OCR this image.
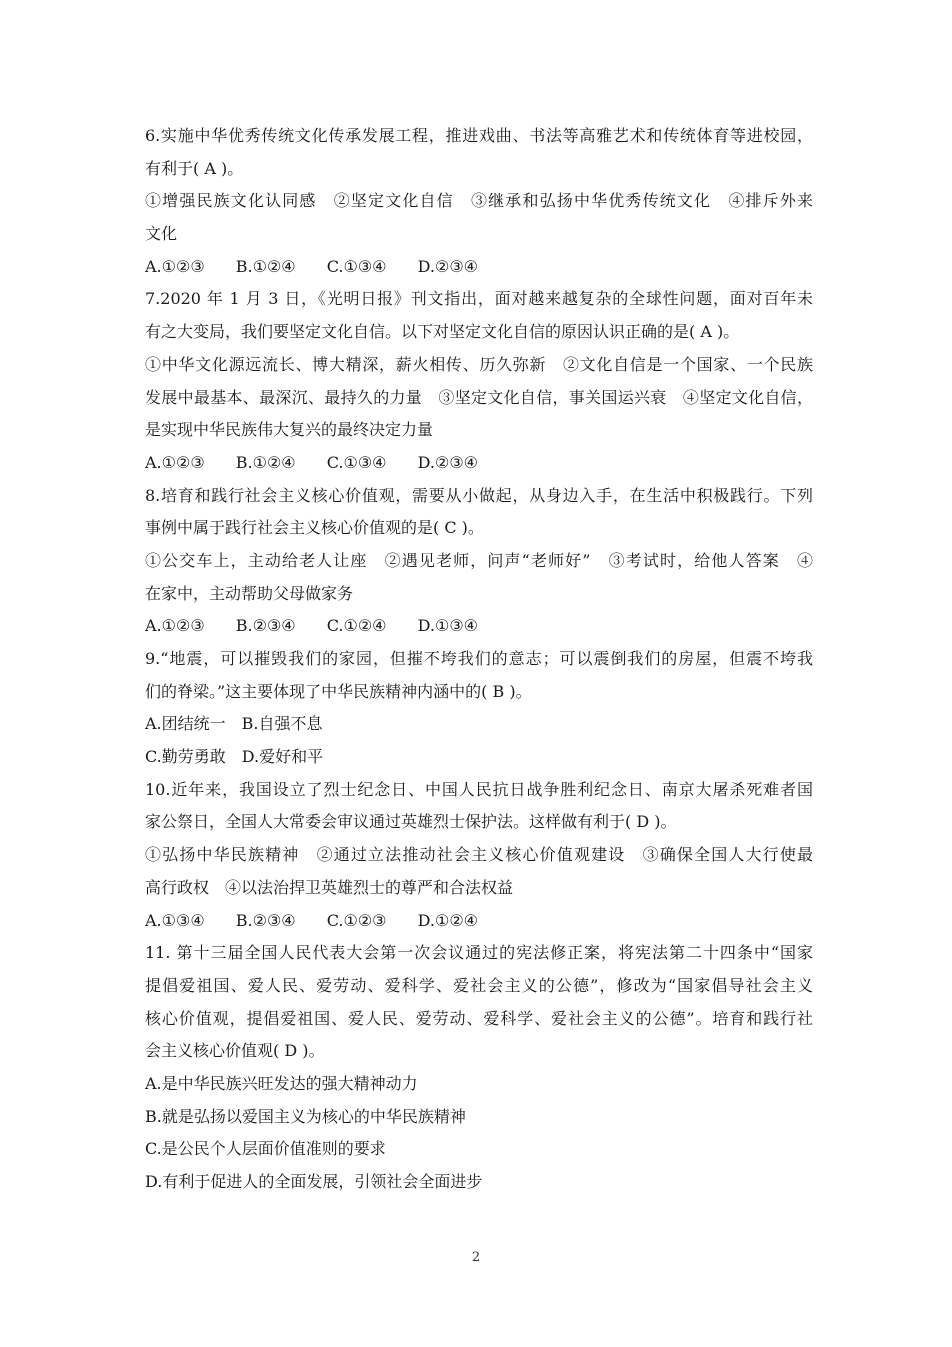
6.实施中华优秀传统文化传承发展工程，推进戏曲、书法等高雅艺术和传统体育等进校园，
有利于( A )。
①增强民族文化认同感　②坚定文化自信　③继承和弘扬中华优秀传统文化　④排斥外来
文化
A.①②③ B.①②④ C.①③④ D.②③④
7.2020 年 1 月 3 日，《光明日报》刊文指出，面对越来越复杂的全球性问题，面对百年未
有之大变局，我们要坚定文化自信。以下对坚定文化自信的原因认识正确的是( A )。
①中华文化源远流长、博大精深，薪火相传、历久弥新　②文化自信是一个国家、一个民族
发展中最基本、最深沉、最持久的力量　③坚定文化自信，事关国运兴衰　④坚定文化自信，
是实现中华民族伟大复兴的最终决定力量
A.①②③ B.①②④ C.①③④ D.②③④
8.培育和践行社会主义核心价值观，需要从小做起，从身边入手，在生活中积极践行。下列
事例中属于践行社会主义核心价值观的是( C )。
①公交车上，主动给老人让座　②遇见老师，问声“老师好”　③考试时，给他人答案　④
在家中，主动帮助父母做家务
A.①②③ B.②③④ C.①②④ D.①③④
9.“地震，可以摧毁我们的家园，但摧不垮我们的意志；可以震倒我们的房屋，但震不垮我
们的脊梁。”这主要体现了中华民族精神内涵中的( B )。
A.团结统一　B.自强不息
C.勤劳勇敢　D.爱好和平
10.近年来，我国设立了烈士纪念日、中国人民抗日战争胜利纪念日、南京大屠杀死难者国
家公祭日，全国人大常委会审议通过英雄烈士保护法。这样做有利于( D )。
①弘扬中华民族精神　②通过立法推动社会主义核心价值观建设　③确保全国人大行使最
高行政权　④以法治捍卫英雄烈士的尊严和合法权益
A.①③④ B.②③④ C.①②③ D.①②④
11. 第十三届全国人民代表大会第一次会议通过的宪法修正案，将宪法第二十四条中“国家
提倡爱祖国、爱人民、爱劳动、爱科学、爱社会主义的公德”，修改为“国家倡导社会主义
核心价值观，提倡爱祖国、爱人民、爱劳动、爱科学、爱社会主义的公德”。培育和践行社
会主义核心价值观( D )。
A.是中华民族兴旺发达的强大精神动力
B.就是弘扬以爱国主义为核心的中华民族精神
C.是公民个人层面价值准则的要求
D.有利于促进人的全面发展，引领社会全面进步
2
